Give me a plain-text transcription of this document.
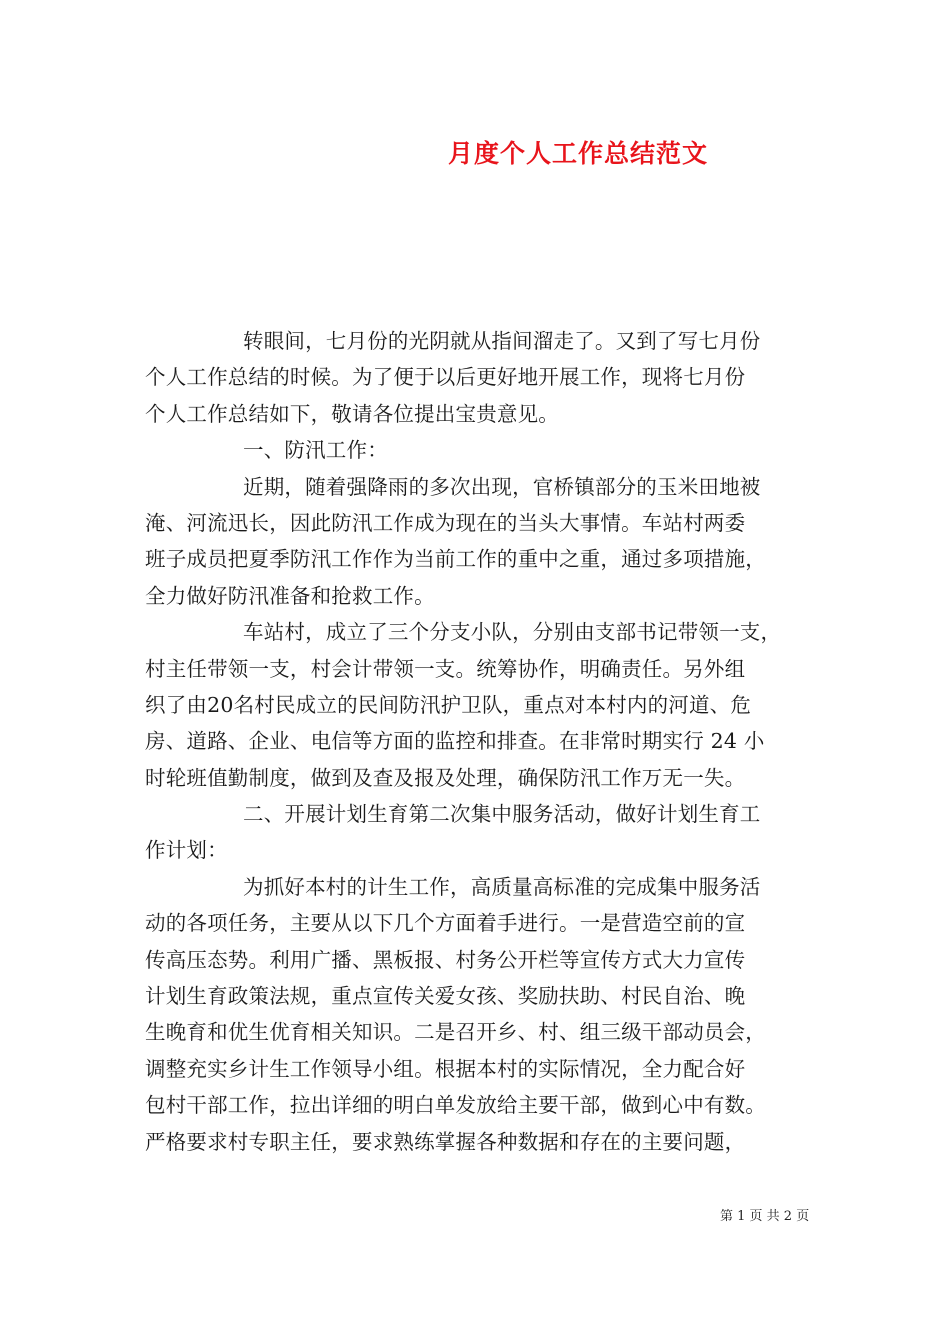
月度个人工作总结范文
转眼间，七月份的光阴就从指间溜走了。又到了写七月份
个人工作总结的时候。为了便于以后更好地开展工作，现将七月份
个人工作总结如下，敬请各位提出宝贵意见。
一、防汛工作：
近期，随着强降雨的多次出现，官桥镇部分的玉米田地被
淹、河流迅长，因此防汛工作成为现在的当头大事情。车站村两委
班子成员把夏季防汛工作作为当前工作的重中之重，通过多项措施，
全力做好防汛准备和抢救工作。
车站村，成立了三个分支小队，分别由支部书记带领一支，
村主任带领一支，村会计带领一支。统筹协作，明确责任。另外组
织了由20名村民成立的民间防汛护卫队，重点对本村内的河道、危
房、道路、企业、电信等方面的监控和排查。在非常时期实行 24 小
时轮班值勤制度，做到及查及报及处理，确保防汛工作万无一失。
二、开展计划生育第二次集中服务活动，做好计划生育工
作计划：
为抓好本村的计生工作，高质量高标准的完成集中服务活
动的各项任务，主要从以下几个方面着手进行。一是营造空前的宣
传高压态势。利用广播、黑板报、村务公开栏等宣传方式大力宣传
计划生育政策法规，重点宣传关爱女孩、奖励扶助、村民自治、晚
生晚育和优生优育相关知识。二是召开乡、村、组三级干部动员会，
调整充实乡计生工作领导小组。根据本村的实际情况，全力配合好
包村干部工作，拉出详细的明白单发放给主要干部，做到心中有数。
严格要求村专职主任，要求熟练掌握各种数据和存在的主要问题，
第 1 页 共 2 页
